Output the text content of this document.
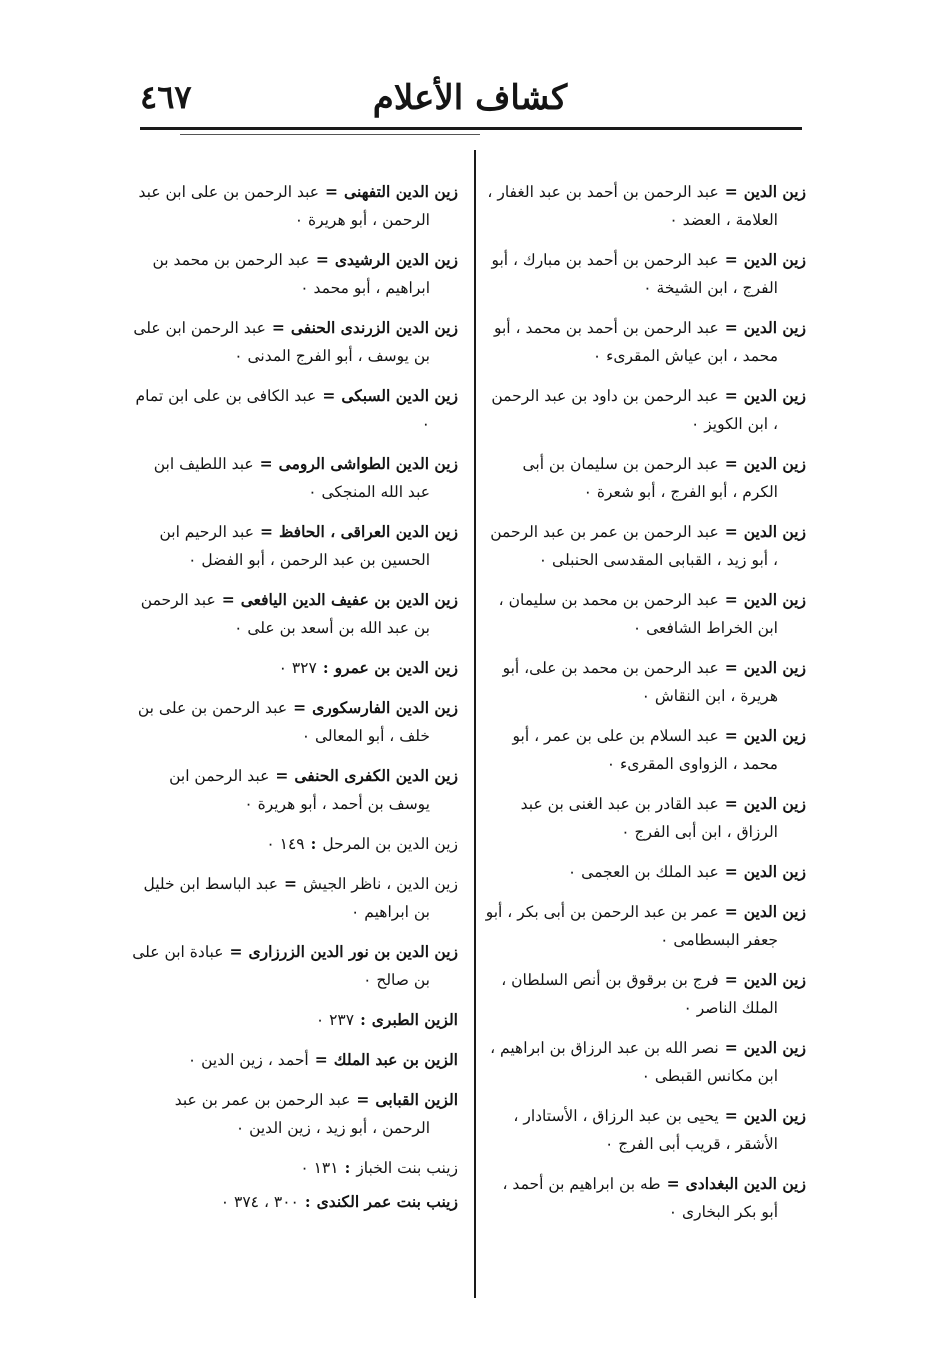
كشاف الأعلام
٤٦٧

زين الدين=عبد الرحمن بن أحمد بن عبد الغفار ، العلامة ، العضد ٠

زين الدين=عبد الرحمن بن أحمد بن مبارك ، أبو الفرج ، ابن الشيخة ٠

زين الدين=عبد الرحمن بن أحمد بن محمد ، أبو محمد ، ابن عياش المقرىء ٠

زين الدين=عبد الرحمن بن داود بن عبد الرحمن ، ابن الكويز ٠

زين الدين=عبد الرحمن بن سليمان بن أبى الكرم ، أبو الفرج ، أبو شعرة ٠

زين الدين=عبد الرحمن بن عمر بن عبد الرحمن ، أبو زيد ، القبابى المقدسى الحنبلى ٠

زين الدين=عبد الرحمن بن محمد بن سليمان ، ابن الخراط الشافعى ٠

زين الدين=عبد الرحمن بن محمد بن على، أبو هريرة ، ابن النقاش ٠

زين الدين=عبد السلام بن على بن عمر ، أبو محمد ، الزواوى المقرىء ٠

زين الدين=عبد القادر بن عبد الغنى بن عبد الرزاق ، ابن أبى الفرج ٠

زين الدين=عبد الملك بن العجمى ٠

زين الدين=عمر بن عبد الرحمن بن أبى بكر ، أبو جعفر البسطامى ٠

زين الدين=فرج بن برقوق بن أنص السلطان ، الملك الناصر ٠

زين الدين=نصر الله بن عبد الرزاق بن ابراهيم ، ابن مكانس القبطى ٠

زين الدين=يحيى بن عبد الرزاق ، الأستادار ، الأشقر ، قريب أبى الفرج ٠

زين الدين البغدادى=طه بن ابراهيم بن أحمد ، أبو بكر البخارى ٠

زين الدين التفهنى=عبد الرحمن بن على ابن عبد الرحمن ، أبو هريرة ٠

زين الدين الرشيدى=عبد الرحمن بن محمد بن ابراهيم ، أبو محمد ٠

زين الدين الزرندى الحنفى=عبد الرحمن ابن على بن يوسف ، أبو الفرج المدنى ٠

زين الدين السبكى=عبد الكافى بن على ابن تمام ٠

زين الدين الطواشى الرومى=عبد اللطيف ابن عبد الله المنجكى ٠

زين الدين العراقى ، الحافظ=عبد الرحيم ابن الحسين بن عبد الرحمن ، أبو الفضل ٠

زين الدين بن عفيف الدين اليافعى=عبد الرحمن بن عبد الله بن أسعد بن على ٠

زين الدين بن عمرو:٣٢٧ ٠

زين الدين الفارسكورى=عبد الرحمن بن على بن خلف ، أبو المعالى ٠

زين الدين الكفرى الحنفى=عبد الرحمن ابن يوسف بن أحمد ، أبو هريرة ٠

زين الدين بن المرحل:١٤٩ ٠

زين الدين ، ناظر الجيش=عبد الباسط ابن خليل بن ابراهيم ٠

زين الدين بن نور الدين الزرزارى=عبادة ابن على بن صالح ٠

الزين الطبرى:٢٣٧ ٠

الزين بن عبد الملك=أحمد ، زين الدين ٠

الزين القبابى=عبد الرحمن بن عمر بن عبد الرحمن ، أبو زيد ، زين الدين ٠

زينب بنت الخباز:١٣١ ٠

زينب بنت عمر الكندى:٣٠٠ ، ٣٧٤ ٠
